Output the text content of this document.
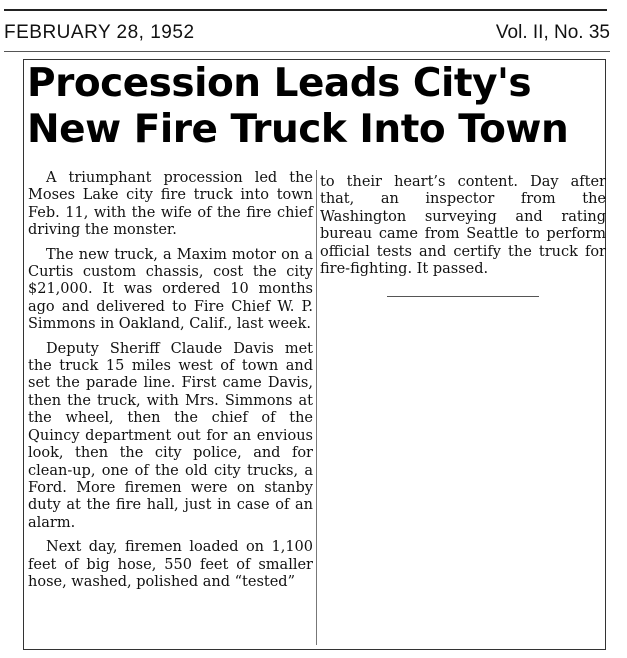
FEBRUARY 28, 1952	Vol. II, No. 35
Procession Leads City's
New Fire Truck Into Town

A triumphant procession led the Moses Lake city fire truck into town Feb. 11, with the wife of the fire chief driving the monster.

The new truck, a Maxim motor on a Curtis custom chassis, cost the city $21,000. It was ordered 10 months ago and delivered to Fire Chief W. P. Simmons in Oakland, Calif., last week.

Deputy Sheriff Claude Davis met the truck 15 miles west of town and set the parade line. First came Davis, then the truck, with Mrs. Simmons at the wheel, then the chief of the Quincy department out for an envious look, then the city police, and for clean-up, one of the old city trucks, a Ford. More firemen were on stanby duty at the fire hall, just in case of an alarm.

Next day, firemen loaded on 1,100 feet of big hose, 550 feet of smaller hose, washed, polished and “tested”

to their heart’s content. Day after that, an inspector from the Washington surveying and rating bureau came from Seattle to perform official tests and certify the truck for fire-fighting. It passed.
